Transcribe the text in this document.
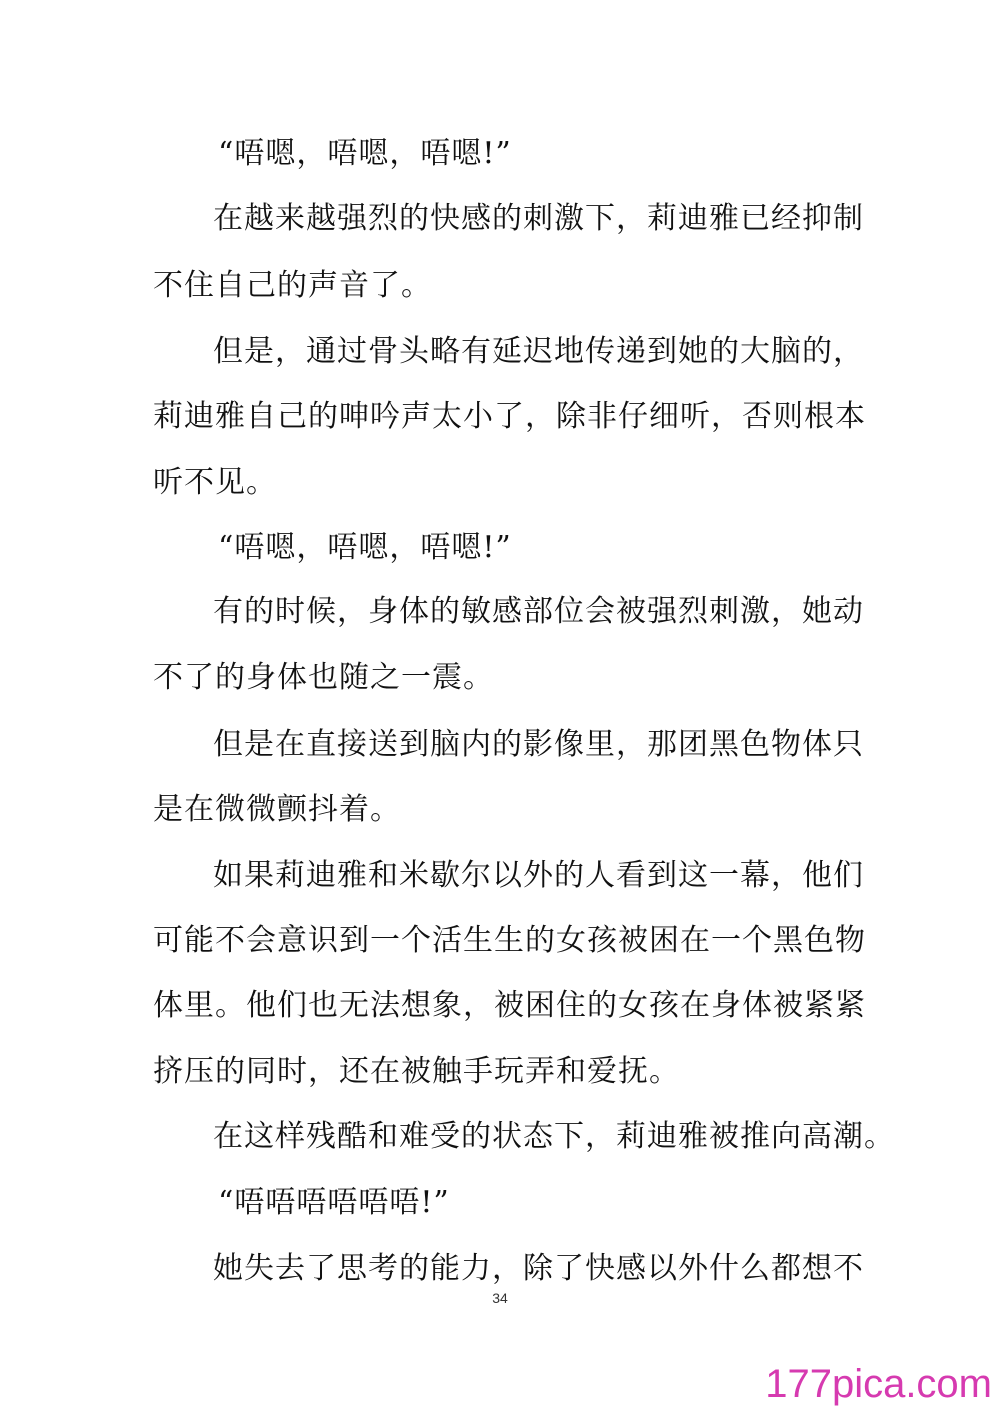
“唔嗯，唔嗯，唔嗯!”
在越来越强烈的快感的刺激下，莉迪雅已经抑制
不住自己的声音了。
但是，通过骨头略有延迟地传递到她的大脑的，
莉迪雅自己的呻吟声太小了，除非仔细听，否则根本
听不见。
“唔嗯，唔嗯，唔嗯!”
有的时候，身体的敏感部位会被强烈刺激，她动
不了的身体也随之一震。
但是在直接送到脑内的影像里，那团黑色物体只
是在微微颤抖着。
如果莉迪雅和米歇尔以外的人看到这一幕，他们
可能不会意识到一个活生生的女孩被困在一个黑色物
体里。他们也无法想象，被困住的女孩在身体被紧紧
挤压的同时，还在被触手玩弄和爱抚。
在这样残酷和难受的状态下，莉迪雅被推向高潮。
“唔唔唔唔唔唔!”
她失去了思考的能力，除了快感以外什么都想不
34
177pica.com
